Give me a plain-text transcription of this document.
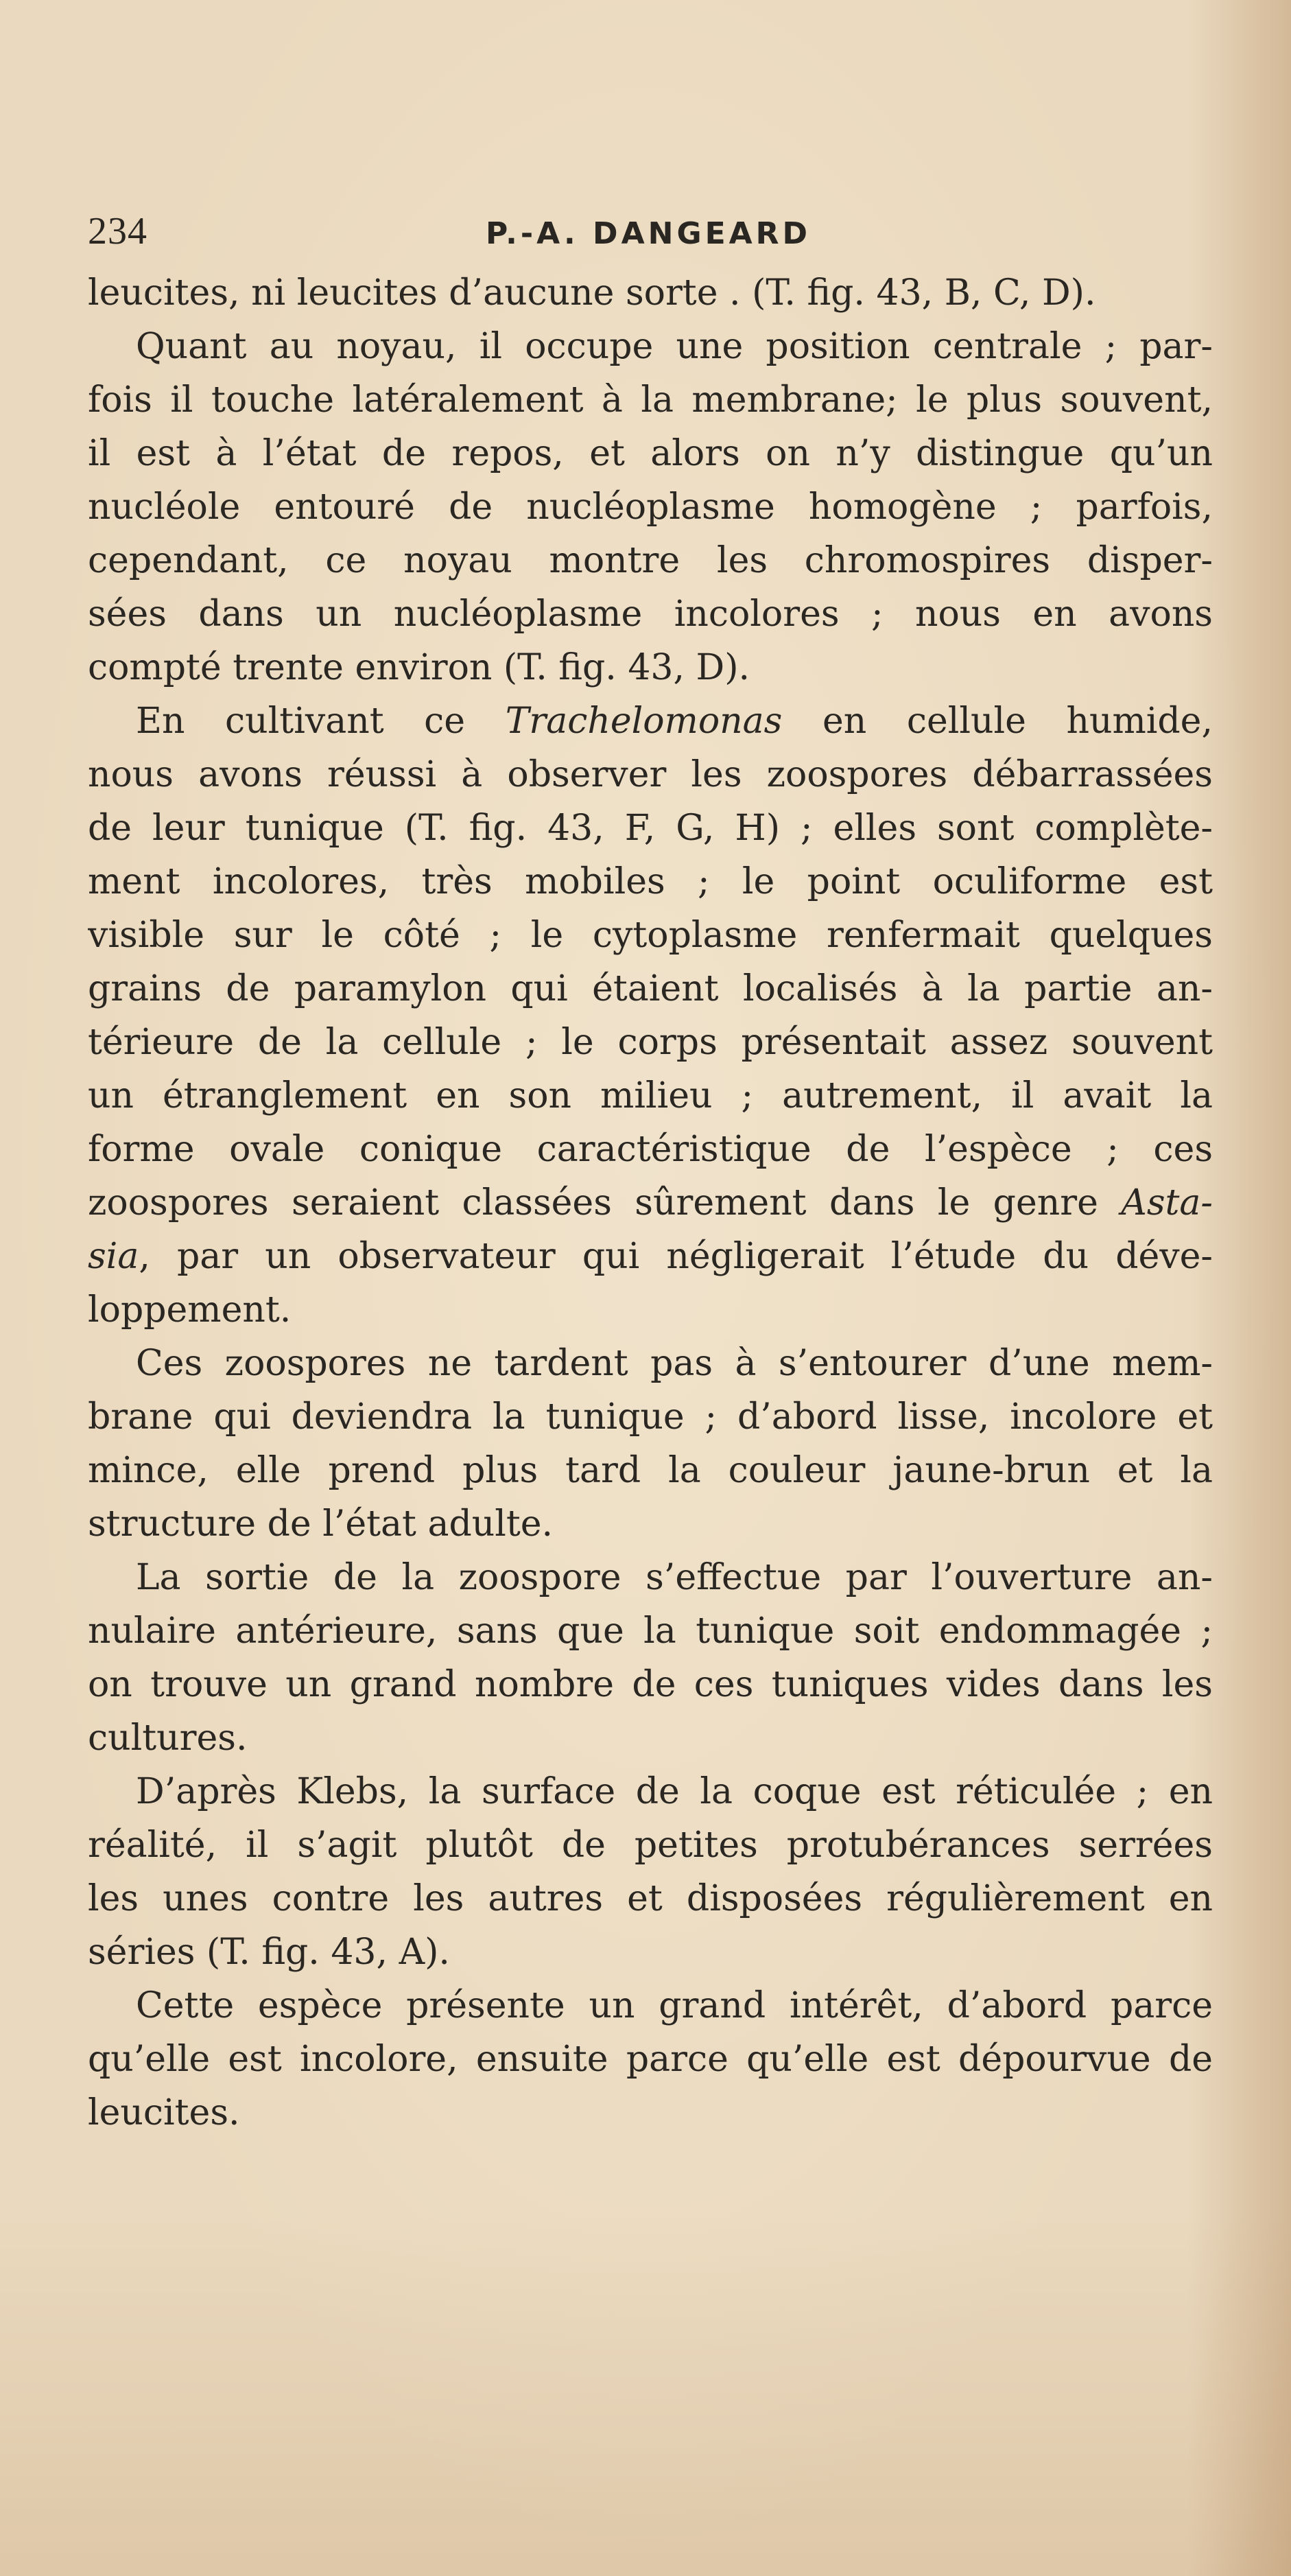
234	P.-A. DANGEARD
leucites, ni leucites d’aucune sorte . (T. fig. 43, B, C, D).
Quant au noyau, il occupe une position centrale ; par-
fois il touche latéralement à la membrane; le plus souvent,
il est à l’état de repos, et alors on n’y distingue qu’un
nucléole entouré de nucléoplasme homogène ; parfois,
cependant, ce noyau montre les chromospires disper-
sées dans un nucléoplasme incolores ; nous en avons
compté trente environ (T. fig. 43, D).
En cultivant ce Trachelomonas en cellule humide,
nous avons réussi à observer les zoospores débarrassées
de leur tunique (T. fig. 43, F, G, H) ; elles sont complète-
ment incolores, très mobiles ; le point oculiforme est
visible sur le côté ; le cytoplasme renfermait quelques
grains de paramylon qui étaient localisés à la partie an-
térieure de la cellule ; le corps présentait assez souvent
un étranglement en son milieu ; autrement, il avait la
forme ovale conique caractéristique de l’espèce ; ces
zoospores seraient classées sûrement dans le genre Asta-
sia, par un observateur qui négligerait l’étude du déve-
loppement.
Ces zoospores ne tardent pas à s’entourer d’une mem-
brane qui deviendra la tunique ; d’abord lisse, incolore et
mince, elle prend plus tard la couleur jaune-brun et la
structure de l’état adulte.
La sortie de la zoospore s’effectue par l’ouverture an-
nulaire antérieure, sans que la tunique soit endommagée ;
on trouve un grand nombre de ces tuniques vides dans les
cultures.
D’après Klebs, la surface de la coque est réticulée ; en
réalité, il s’agit plutôt de petites protubérances serrées
les unes contre les autres et disposées régulièrement en
séries (T. fig. 43, A).
Cette espèce présente un grand intérêt, d’abord parce
qu’elle est incolore, ensuite parce qu’elle est dépourvue de
leucites.
